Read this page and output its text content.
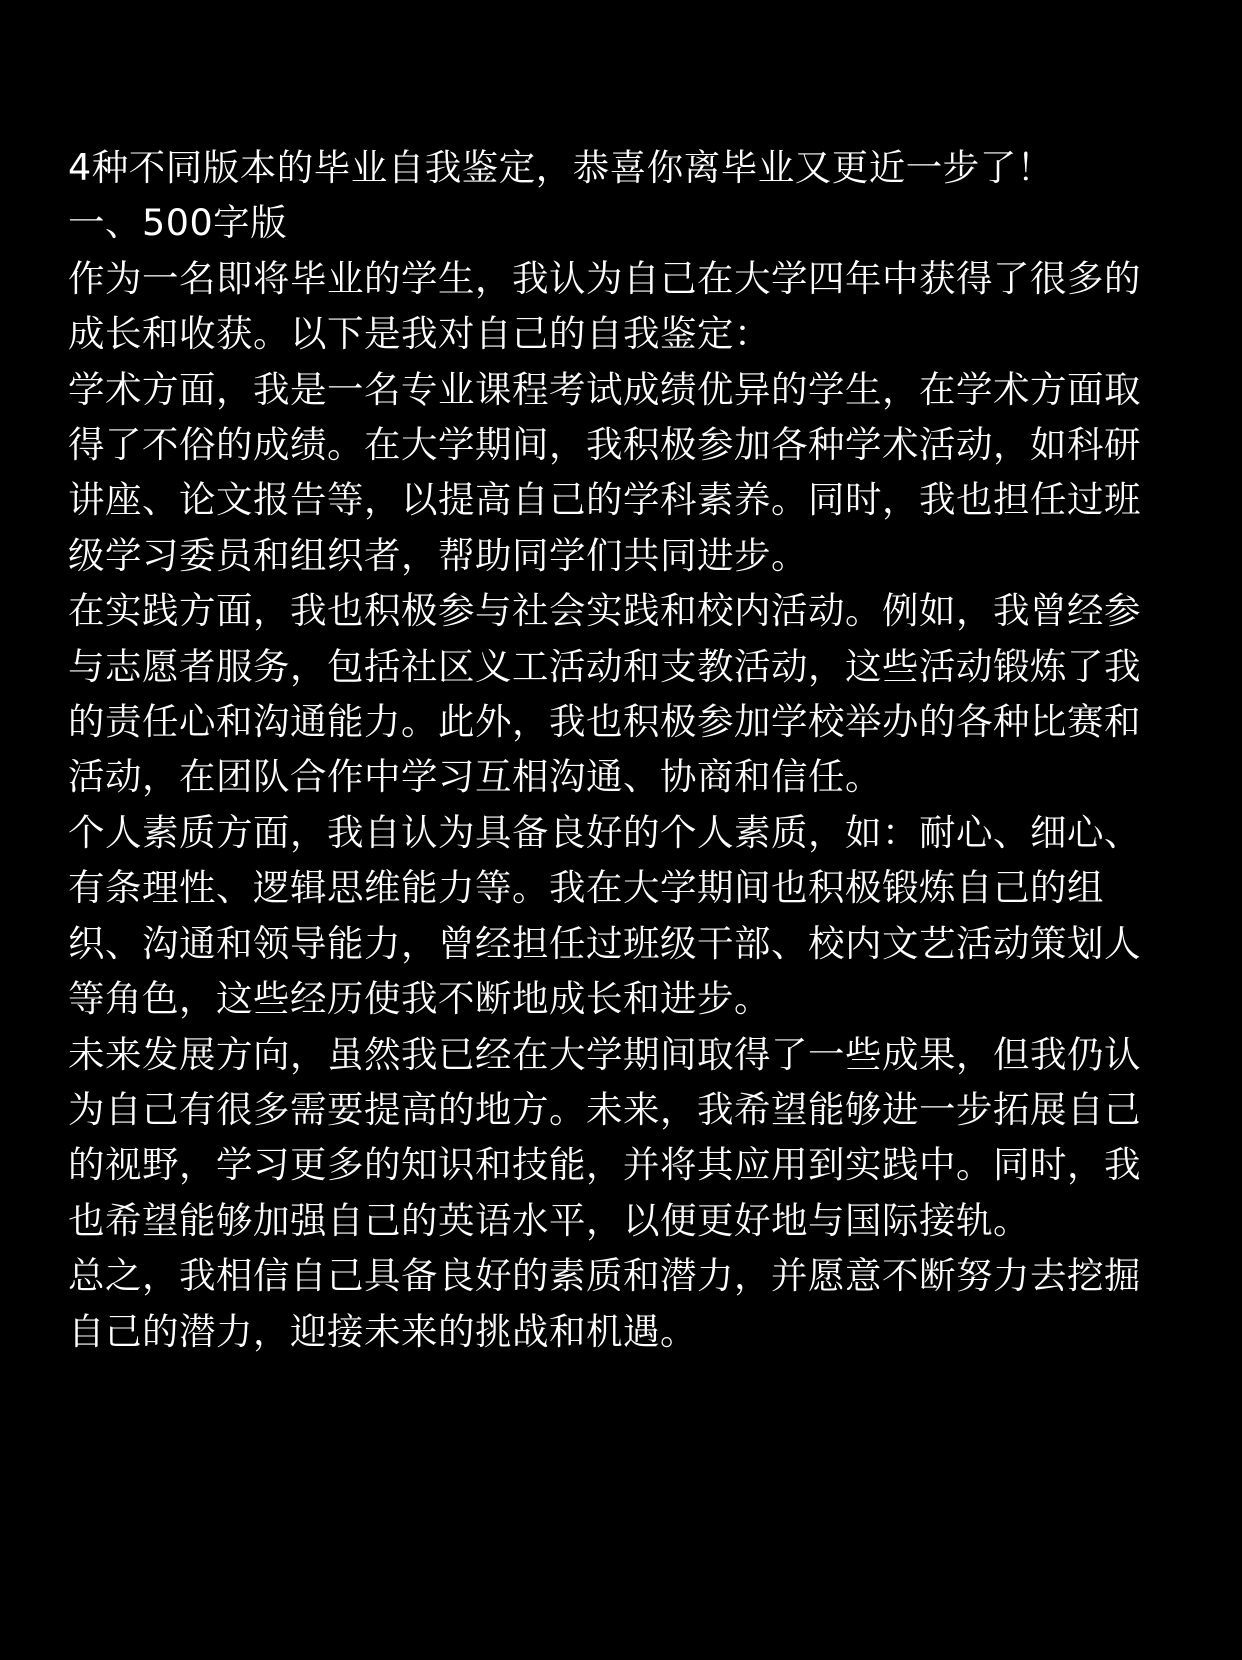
4种不同版本的毕业自我鉴定，恭喜你离毕业又更近一步了！

一、500字版

作为一名即将毕业的学生，我认为自己在大学四年中获得了很多的成长和收获。以下是我对自己的自我鉴定：

学术方面，我是一名专业课程考试成绩优异的学生，在学术方面取得了不俗的成绩。在大学期间，我积极参加各种学术活动，如科研讲座、论文报告等，以提高自己的学科素养。同时，我也担任过班级学习委员和组织者，帮助同学们共同进步。

在实践方面，我也积极参与社会实践和校内活动。例如，我曾经参与志愿者服务，包括社区义工活动和支教活动，这些活动锻炼了我的责任心和沟通能力。此外，我也积极参加学校举办的各种比赛和活动，在团队合作中学习互相沟通、协商和信任。

个人素质方面，我自认为具备良好的个人素质，如：耐心、细心、有条理性、逻辑思维能力等。我在大学期间也积极锻炼自己的组织、沟通和领导能力，曾经担任过班级干部、校内文艺活动策划人等角色，这些经历使我不断地成长和进步。

未来发展方向，虽然我已经在大学期间取得了一些成果，但我仍认为自己有很多需要提高的地方。未来，我希望能够进一步拓展自己的视野，学习更多的知识和技能，并将其应用到实践中。同时，我也希望能够加强自己的英语水平，以便更好地与国际接轨。

总之，我相信自己具备良好的素质和潜力，并愿意不断努力去挖掘自己的潜力，迎接未来的挑战和机遇。
